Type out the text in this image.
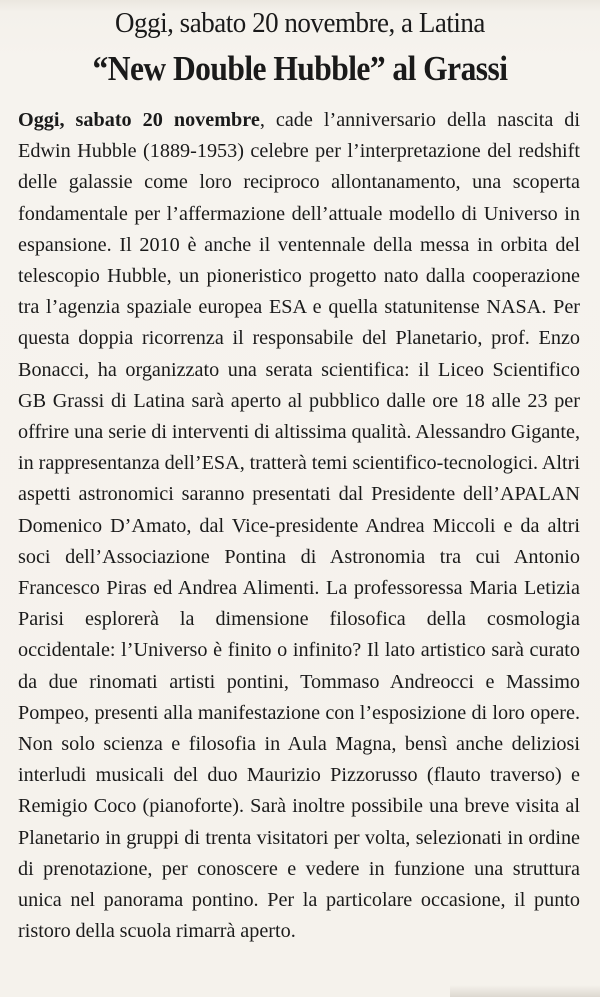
Oggi, sabato 20 novembre, a Latina
“New Double Hubble” al Grassi
Oggi, sabato 20 novembre, cade l’anniversario della nascita di Edwin Hubble (1889-1953) celebre per l’interpretazione del redshift delle galassie come loro reciproco allontanamento, una scoperta fondamentale per l’affermazione dell’attuale modello di Universo in espansione. Il 2010 è anche il ventennale della messa in orbita del telescopio Hubble, un pioneristico progetto nato dalla cooperazione tra l’agenzia spaziale europea ESA e quella statunitense NASA. Per questa doppia ricorrenza il responsabile del Planetario, prof. Enzo Bonacci, ha organizzato una serata scientifica: il Liceo Scientifico GB Grassi di Latina sarà aperto al pubblico dalle ore 18 alle 23 per offrire una serie di interventi di altissima qualità. Alessandro Gigante, in rappresentanza dell’ESA, tratterà temi scientifico-tecnologici. Altri aspetti astronomici saranno presentati dal Presidente dell’APALAN Domenico D’Amato, dal Vice-presidente Andrea Miccoli e da altri soci dell’Associazione Pontina di Astronomia tra cui Antonio Francesco Piras ed Andrea Alimenti. La professoressa Maria Letizia Parisi esplorerà la dimensione filosofica della cosmologia occidentale: l’Universo è finito o infinito? Il lato artistico sarà curato da due rinomati artisti pontini, Tommaso Andreocci e Massimo Pompeo, presenti alla manifestazione con l’esposizione di loro opere. Non solo scienza e filosofia in Aula Magna, bensì anche deliziosi interludi musicali del duo Maurizio Pizzorusso (flauto traverso) e Remigio Coco (pianoforte). Sarà inoltre possibile una breve visita al Planetario in gruppi di trenta visitatori per volta, selezionati in ordine di prenotazione, per conoscere e vedere in funzione una struttura unica nel panorama pontino. Per la particolare occasione, il punto ristoro della scuola rimarrà aperto.
